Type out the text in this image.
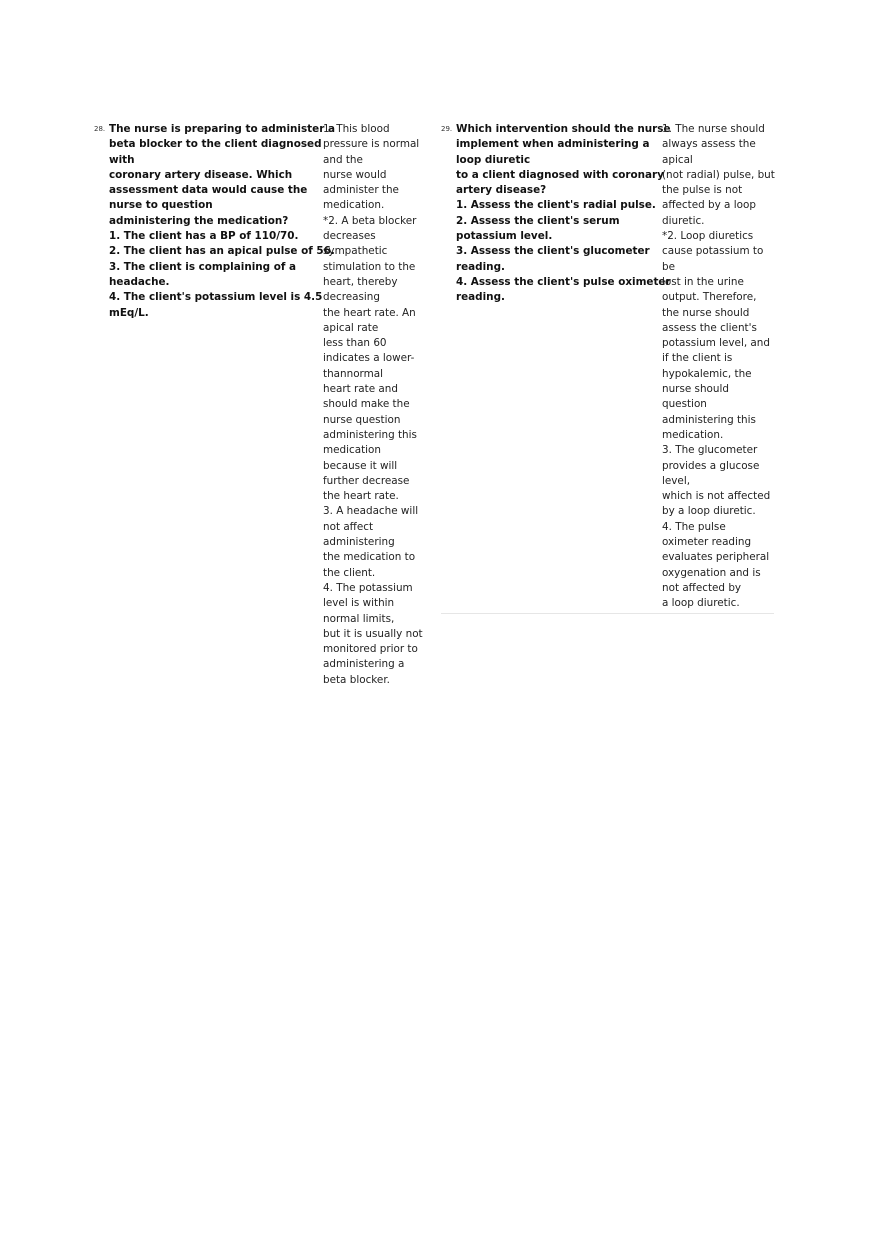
28. The nurse is preparing to administer a
beta blocker to the client diagnosed
with
coronary artery disease. Which
assessment data would cause the
nurse to question
administering the medication?
1. The client has a BP of 110/70.
2. The client has an apical pulse of 56.
3. The client is complaining of a
headache.
4. The client's potassium level is 4.5
mEq/L.
1. This blood
pressure is normal
and the
nurse would
administer the
medication.
*2. A beta blocker
decreases
sympathetic
stimulation to the
heart, thereby
decreasing
the heart rate. An
apical rate
less than 60
indicates a lower-
thannormal
heart rate and
should make the
nurse question
administering this
medication
because it will
further decrease
the heart rate.
3. A headache will
not affect
administering
the medication to
the client.
4. The potassium
level is within
normal limits,
but it is usually not
monitored prior to
administering a
beta blocker.
29. Which intervention should the nurse
implement when administering a
loop diuretic
to a client diagnosed with coronary
artery disease?
1. Assess the client's radial pulse.
2. Assess the client's serum
potassium level.
3. Assess the client's glucometer
reading.
4. Assess the client's pulse oximeter
reading.
1. The nurse should
always assess the
apical
(not radial) pulse, but
the pulse is not
affected by a loop
diuretic.
*2. Loop diuretics
cause potassium to
be
lost in the urine
output. Therefore,
the nurse should
assess the client's
potassium level, and
if the client is
hypokalemic, the
nurse should
question
administering this
medication.
3. The glucometer
provides a glucose
level,
which is not affected
by a loop diuretic.
4. The pulse
oximeter reading
evaluates peripheral
oxygenation and is
not affected by
a loop diuretic.
